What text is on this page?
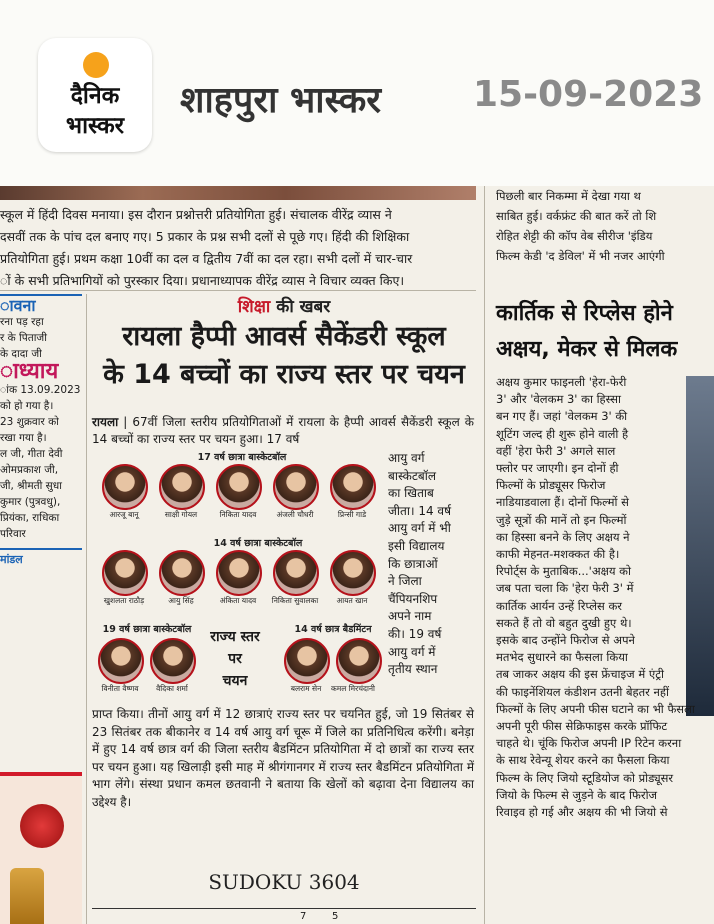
दैनिक
भास्कर
शाहपुरा भास्कर	15-09-2023
स्कूल में हिंदी दिवस मनाया। इस दौरान प्रश्नोत्तरी प्रतियोगिता हुई। संचालक वीरेंद्र व्यास ने
दसवीं तक के पांच दल बनाए गए। 5 प्रकार के प्रश्न सभी दलों से पूछे गए। हिंदी की शिक्षिका
प्रतियोगिता हुई। प्रथम कक्षा 10वीं का दल व द्वितीय 7वीं का दल रहा। सभी दलों में चार-चार
ों के सभी प्रतिभागियों को पुरस्कार दिया। प्रधानाध्यापक वीरेंद्र व्यास ने विचार व्यक्त किए।
ावना
रना पड़ रहा
र के पिताजी
के दादा जी
ाध्याय
ांक 13.09.2023
को हो गया है।
23 शुक्रवार को
रखा गया है।
ल जी, गीता देवी
ओमप्रकाश जी,
जी, श्रीमती सुधा
कुमार (पुत्रवधु),
प्रियंका, राधिका
परिवार
मांडल
शिक्षा की खबर
रायला हैप्पी आवर्स सैकेंडरी स्कूल
के 14 बच्चों का राज्य स्तर पर चयन
रायला | 67वीं जिला स्तरीय प्रतियोगिताओं में रायला के हैप्पी आवर्स सैकेंडरी स्कूल के 14 बच्चों का राज्य स्तर पर चयन हुआ। 17 वर्ष
17 वर्ष छात्रा बास्केटबॉल
14 वर्ष छात्रा बास्केटबॉल
19 वर्ष छात्रा बास्केटबॉल	14 वर्ष छात्र बैडमिंटन
आरजू बानू	साक्षी गोयल	निकिता यादव	अंजली चौधरी	प्रिन्सी गाडे
खुशलता राठौड़	आयु सिंह	अंकिता यादव	निकिता सुवालका	आयत खान
विनीता वैष्णव	वैदिका शर्मा	बलराम सेन	कमल मिरचंदानी
राज्य स्तर
पर
चयन
आयु वर्ग
बास्केटबॉल
का खिताब
जीता। 14 वर्ष
आयु वर्ग में भी
इसी विद्यालय
कि छात्राओं
ने जिला
चैंपियनशिप
अपने नाम
की। 19 वर्ष
आयु वर्ग में
तृतीय स्थान
प्राप्त किया। तीनों आयु वर्ग में 12 छात्राएं राज्य स्तर पर चयनित हुई, जो 19 सितंबर से 23 सितंबर तक बीकानेर व 14 वर्ष आयु वर्ग चूरू में जिले का प्रतिनिधित्व करेंगी। बनेड़ा में हुए 14 वर्ष छात्र वर्ग की जिला स्तरीय बैडमिंटन प्रतियोगिता में दो छात्रों का राज्य स्तर पर चयन हुआ। यह खिलाड़ी इसी माह में श्रीगंगानगर में राज्य स्तर बैडमिंटन प्रतियोगिता में भाग लेंगे। संस्था प्रधान कमल छतवानी ने बताया कि खेलों को बढ़ावा देना विद्यालय का उद्देश्य है।
SUDOKU 3604
7	5
पिछली बार निकम्मा में देखा गया थ
साबित हुई। वर्कफ्रंट की बात करें तो शि
रोहित शेट्टी की कॉप वेब सीरीज 'इंडिय
फिल्म केडी 'द डेविल' में भी नजर आएंगी
कार्तिक से रिप्लेस होने
अक्षय, मेकर से मिलक
अक्षय कुमार फाइनली 'हेरा-फेरी
3' और 'वेलकम 3' का हिस्सा
बन गए हैं। जहां 'वेलकम 3' की
शूटिंग जल्द ही शुरू होने वाली है
वहीं 'हेरा फेरी 3' अगले साल
फ्लोर पर जाएगी। इन दोनों ही
फिल्मों के प्रोड्यूसर फिरोज
नाडियाडवाला हैं। दोनों फिल्मों से
जुड़े सूत्रों की मानें तो इन फिल्मों
का हिस्सा बनने के लिए अक्षय ने
काफी मेहनत-मशक्कत की है।
रिपोर्ट्स के मुताबिक...'अक्षय को
जब पता चला कि 'हेरा फेरी 3' में
कार्तिक आर्यन उन्हें रिप्लेस कर
सकते हैं तो वो बहुत दुखी हुए थे।
इसके बाद उन्होंने फिरोज से अपने
मतभेद सुधारने का फैसला किया
तब जाकर अक्षय की इस फ्रेंचाइज में एंट्री
की फाइनेंशियल कंडीशन उतनी बेहतर नहीं
फिल्मों के लिए अपनी फीस घटाने का भी फैसला
अपनी पूरी फीस सेक्रिफाइस करके प्रॉफिट
चाहते थे। चूंकि फिरोज अपनी IP रिटेन करना
के साथ रेवेन्यू शेयर करने का फैसला किया
फिल्म के लिए जियो स्टूडियोज को प्रोड्यूसर
जियो के फिल्म से जुड़ने के बाद फिरोज
रिवाइव हो गई और अक्षय की भी जियो से
